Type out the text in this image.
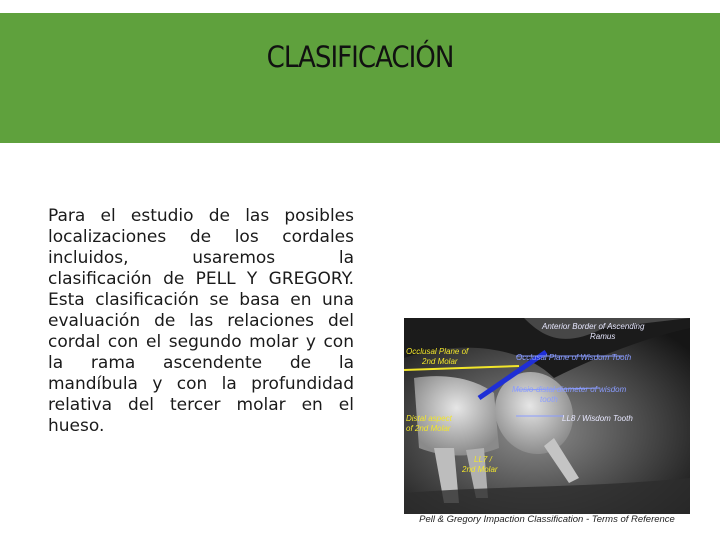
CLASIFICACIÓN
Para el estudio de las posibles
localizaciones de los cordales
incluidos, usaremos la
clasificación de PELL Y GREGORY.
Esta clasificación se basa en una
evaluación de las relaciones del
cordal con el segundo molar y con
la rama ascendente de la
mandíbula y con la profundidad
relativa del tercer molar en el
hueso.
Anterior Border of Ascending
Ramus
Occlusal Plane of
2nd Molar	Occlusal Plane of Wisdom Tooth
Mesio-distal diameter of wisdom
tooth
Distal aspect
of 2nd Molar
LL8 / Wisdom Tooth
LL7 /
2nd Molar
Pell & Gregory Impaction Classification - Terms of Reference
